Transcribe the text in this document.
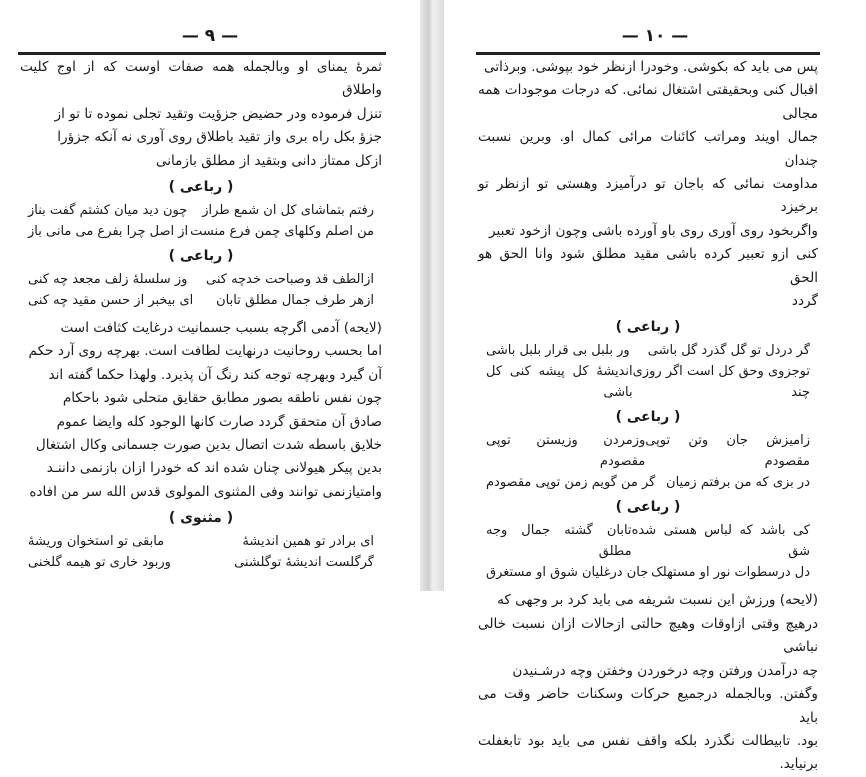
— ۹ —

ثمرهٔ یمنای او وبالجمله همه صفات اوست که از اوج کلیت واطلاق

تنزل فرموده ودر حضیض جزؤیت وتقید تجلی نموده تا تو از

جزؤ بکل راه بری واز تقید باطلاق روی آوری نه آنکه جزؤرا

ازکل ممتاز دانی وبتقید از مطلق بازمانی

( رباعی )
رفتم بتماشای کل ان شمع طراز
چون دید میان کشتم گفت بناز
من اصلم وکلهای چمن فرع منست
از اصل چرا بفرع می مانی باز
( رباعی )
ازالطف قد وصباحت خدچه کنی
وز سلسلهٔ زلف مجعد چه کنی
ازهر طرف جمال مطلق تابان
ای بیخبر از حسن مقید چه کنی

(لایحه) آدمی اگرچه بسبب جسمانیت درغایت کثافت است

اما بحسب روحانیت درنهایت لطافت است. بهرچه روی آرد حکم

آن گیرد وبهرچه توجه کند رنگ آن پذیرد. ولهذا حکما گفته اند

چون نفس ناطقه بصور مطابق حقایق متحلی شود باحکام

صادق آن متحقق گردد صارت کانها الوجود کله وایضا عموم

خلایق باسطه شدت اتصال بدین صورت جسمانی وکال اشتغال

بدین پیکر هیولانی چنان شده اند که خودرا ازان بازنمی داننـد

وامتیازنمی توانند وفی المثنوی المولوی قدس الله سر من افاده

( مثنوی )
ای برادر تو همین اندیشهٔ
مابقی تو استخوان وریشهٔ
گرگلست اندیشهٔ توگلشنی
وربود خاری تو هیمه گلخنی
— ۱۰ —

پس می باید که بکوشی. وخودرا ازنظر خود بپوشی. وبرذاتی

اقبال کنی وبحقیقتی اشتغال نمائی. که درجات موجودات همه مجالی

جمال اویند ومراتب کائنات مرائی کمال او. وبرین نسبت چندان

مداومت نمائی که باجان تو درآمیزد وهستی تو ازنظر تو برخیزد

واگربخود روی آوری روی باو آورده باشی وچون ازخود تعبیر

کنی ازو تعبیر کرده باشی مقید مطلق شود وانا الحق هو الحق

گردد

( رباعی )
گر دردل تو گل گذرد گل باشی
ور بلبل بی قرار بلبل باشی
توجزوی وحق کل است اگر روزی چند
اندیشهٔ کل پیشه کنی کل باشی
( رباعی )
زامیزش جان وتن توپی مقصودم
وزمردن وزیستن توپی مقصودم
در بزی که من برفتم زمیان
گر من گویم زمن توپی مقصودم
( رباعی )
کی باشد که لباس هستی شده شق
تابان گشته جمال وجه مطلق
دل درسطوات نور او مستهلک
جان درغلیان شوق او مستغرق

(لایحه) ورزش این نسبت شریفه می باید کرد بر وجهی که

درهیچ وقتی ازاوقات وهیچ حالتی ازحالات ازان نسبت خالی نباشی

چه درآمدن ورفتن وچه درخوردن وخفتن وچه درشـنیدن

وگفتن. وبالجمله درجمیع حرکات وسکنات حاضر وقت می باید

بود. تابیطالت نگذرد بلکه واقف نفس می باید بود تابغفلت برنیاید.
